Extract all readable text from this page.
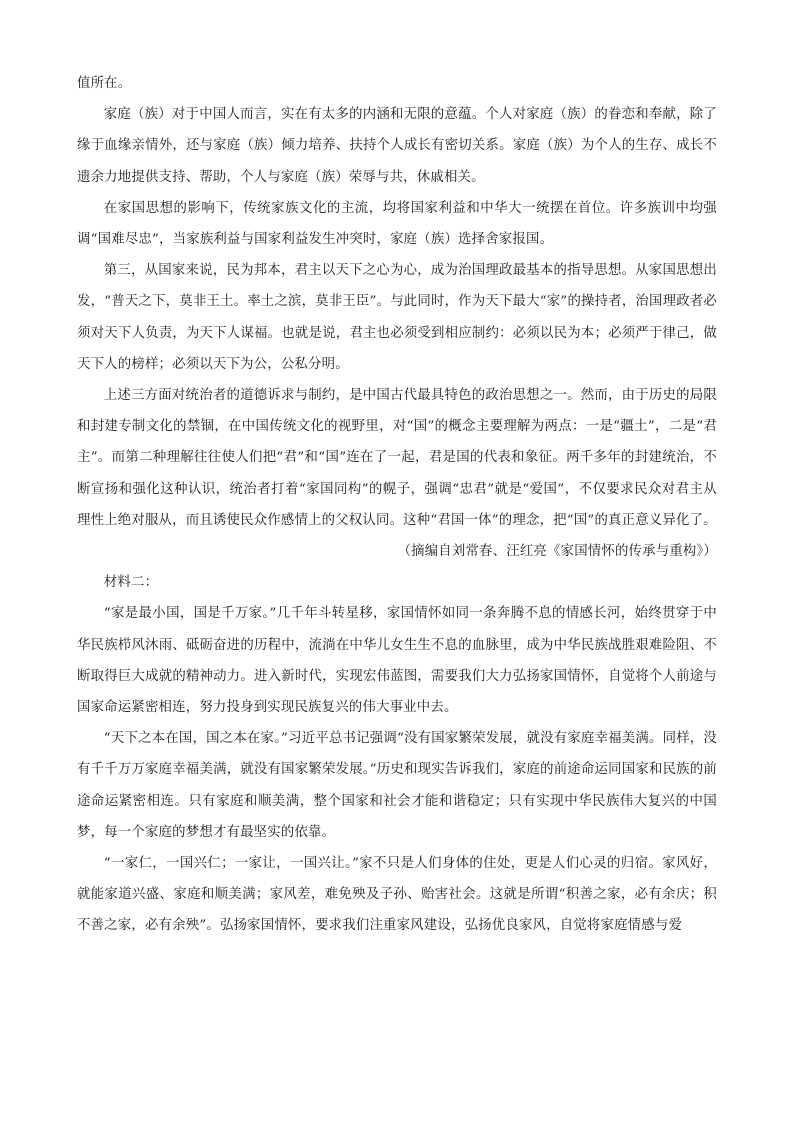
值所在。

家庭（族）对于中国人而言，实在有太多的内涵和无限的意蕴。个人对家庭（族）的眷恋和奉献，除了缘于血缘亲情外，还与家庭（族）倾力培养、扶持个人成长有密切关系。家庭（族）为个人的生存、成长不遗余力地提供支持、帮助，个人与家庭（族）荣辱与共，休戚相关。

在家国思想的影响下，传统家族文化的主流，均将国家利益和中华大一统摆在首位。许多族训中均强调“国难尽忠”，当家族利益与国家利益发生冲突时，家庭（族）选择舍家报国。

第三，从国家来说，民为邦本，君主以天下之心为心，成为治国理政最基本的指导思想。从家国思想出发，“普天之下，莫非王土。率土之滨，莫非王臣”。与此同时，作为天下最大“家”的操持者，治国理政者必须对天下人负责，为天下人谋福。也就是说，君主也必须受到相应制约：必须以民为本；必须严于律己，做天下人的榜样；必须以天下为公，公私分明。

上述三方面对统治者的道德诉求与制约，是中国古代最具特色的政治思想之一。然而，由于历史的局限和封建专制文化的禁锢，在中国传统文化的视野里，对“国”的概念主要理解为两点：一是“疆土”，二是“君主”。而第二种理解往往使人们把“君”和“国”连在了一起，君是国的代表和象征。两千多年的封建统治，不断宣扬和强化这种认识，统治者打着“家国同构”的幌子，强调“忠君”就是“爱国”，不仅要求民众对君主从理性上绝对服从，而且诱使民众作感情上的父权认同。这种“君国一体”的理念，把“国”的真正意义异化了。

（摘编自刘常春、汪红亮《家国情怀的传承与重构》）

材料二：

“家是最小国，国是千万家。”几千年斗转星移，家国情怀如同一条奔腾不息的情感长河，始终贯穿于中华民族栉风沐雨、砥砺奋进的历程中，流淌在中华儿女生生不息的血脉里，成为中华民族战胜艰难险阻、不断取得巨大成就的精神动力。进入新时代，实现宏伟蓝图，需要我们大力弘扬家国情怀，自觉将个人前途与国家命运紧密相连，努力投身到实现民族复兴的伟大事业中去。

“天下之本在国，国之本在家。”习近平总书记强调“没有国家繁荣发展，就没有家庭幸福美满。同样，没有千千万万家庭幸福美满，就没有国家繁荣发展。”历史和现实告诉我们，家庭的前途命运同国家和民族的前途命运紧密相连。只有家庭和顺美满，整个国家和社会才能和谐稳定；只有实现中华民族伟大复兴的中国梦，每一个家庭的梦想才有最坚实的依靠。

“一家仁，一国兴仁；一家让，一国兴让。”家不只是人们身体的住处，更是人们心灵的归宿。家风好，就能家道兴盛、家庭和顺美满；家风差，难免殃及子孙、贻害社会。这就是所谓“积善之家，必有余庆；积不善之家，必有余殃”。弘扬家国情怀，要求我们注重家风建设，弘扬优良家风，自觉将家庭情感与爱
